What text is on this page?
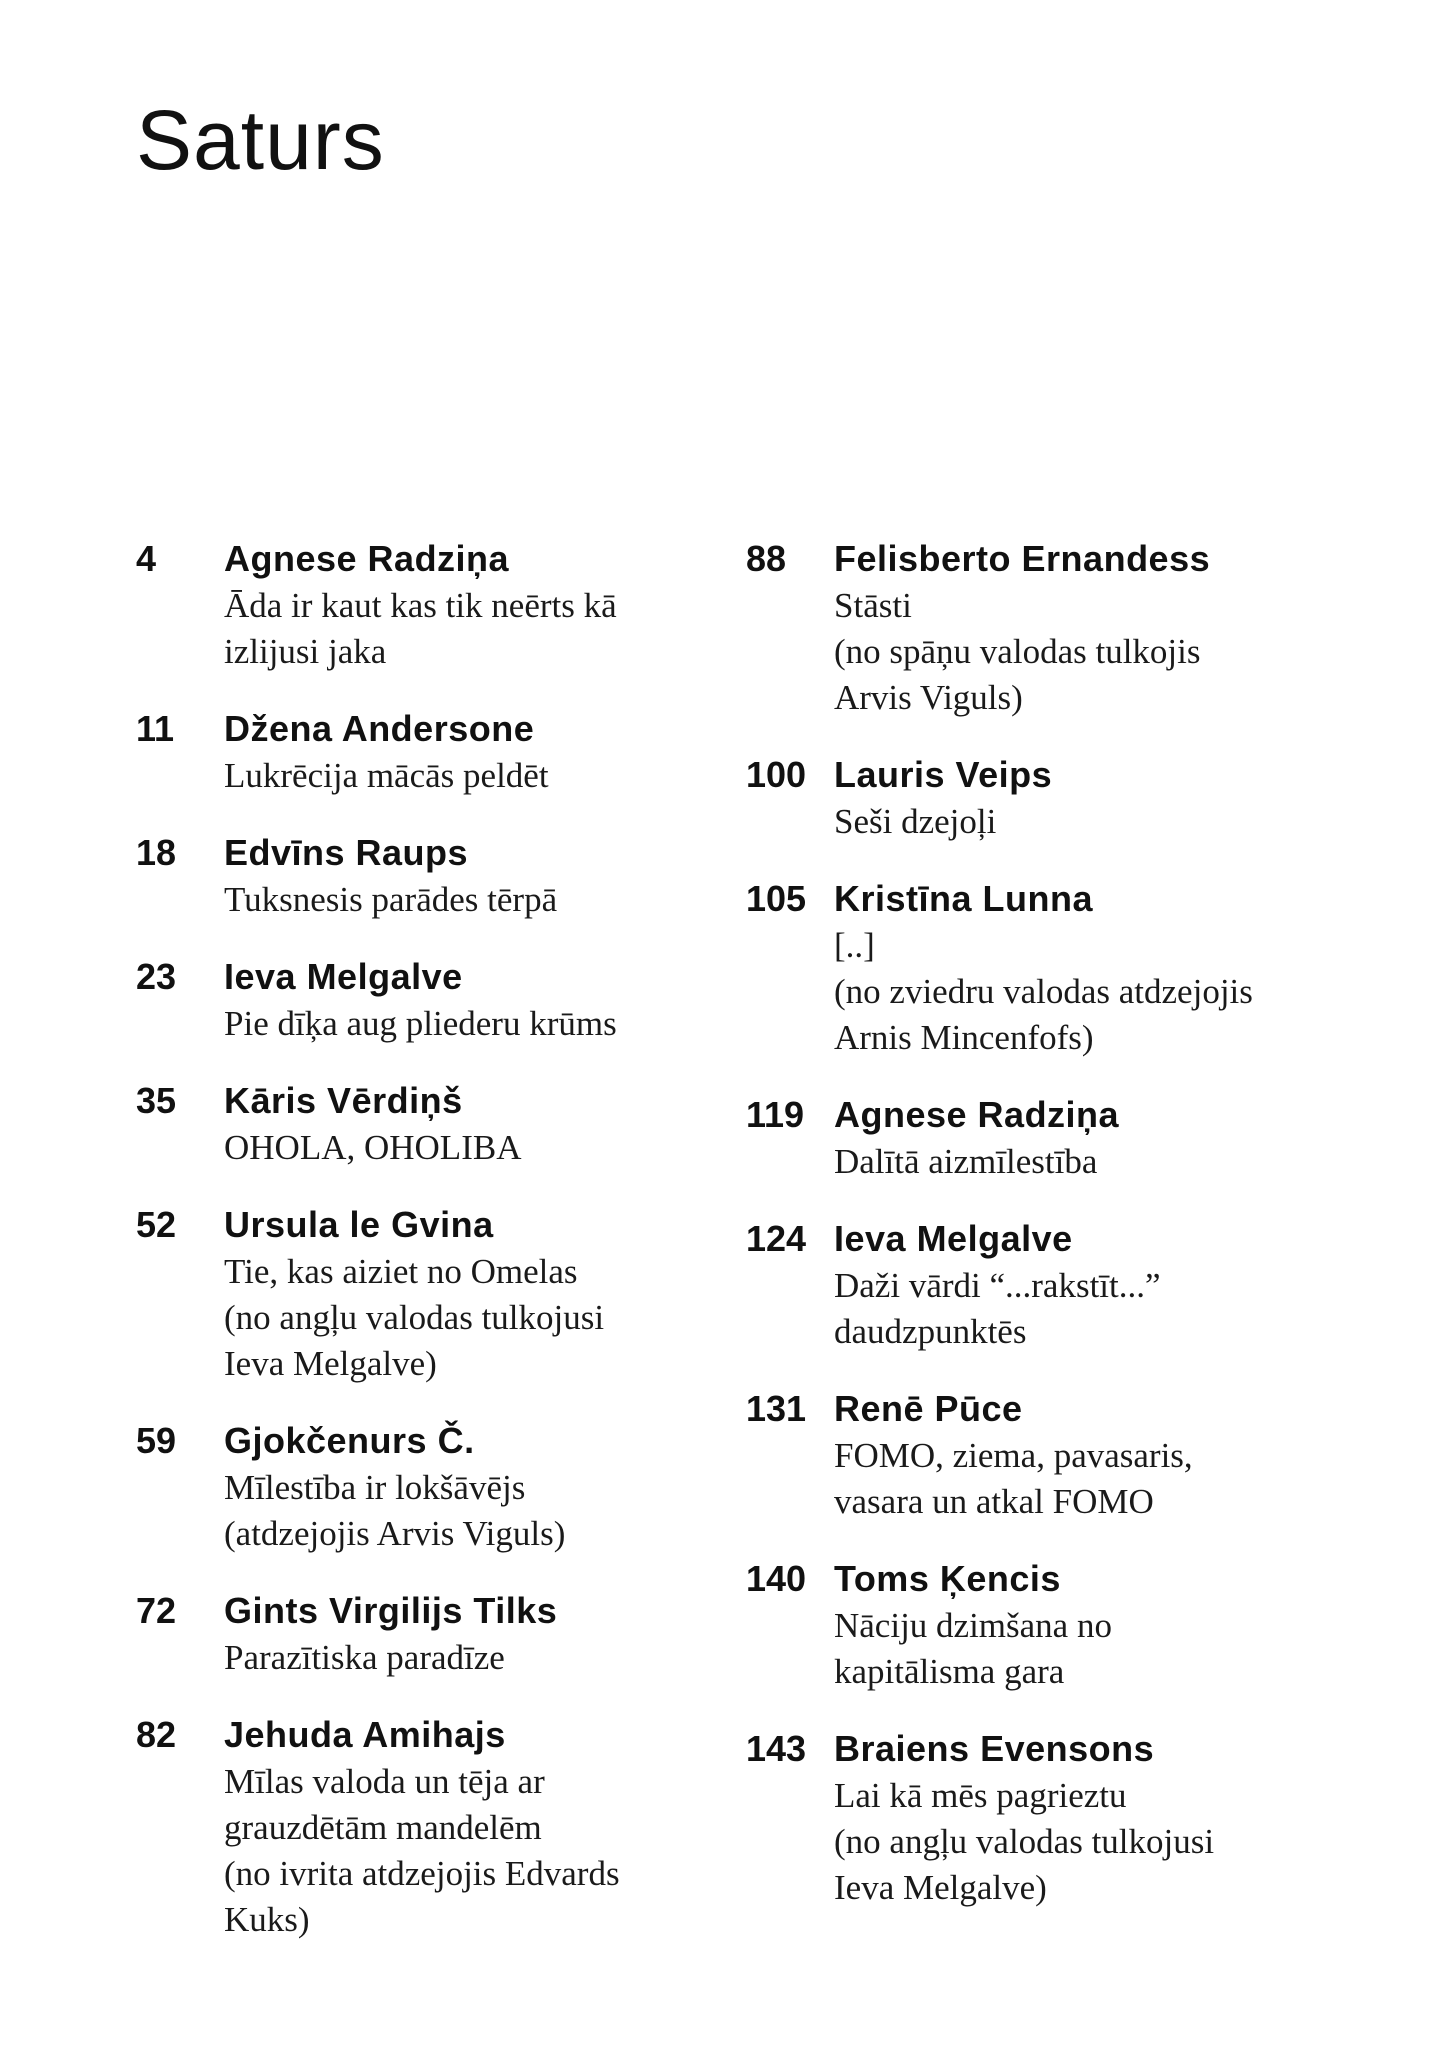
Saturs
4	Agnese Radziņa
Āda ir kaut kas tik neērts kā
izlijusi jaka
11	Džena Andersone
Lukrēcija mācās peldēt
18	Edvīns Raups
Tuksnesis parādes tērpā
23	Ieva Melgalve
Pie dīķa aug pliederu krūms
35	Kāris Vērdiņš
OHOLA, OHOLIBA
52	Ursula le Gvina
Tie, kas aiziet no Omelas
(no angļu valodas tulkojusi
Ieva Melgalve)
59	Gjokčenurs Č.
Mīlestība ir lokšāvējs
(atdzejojis Arvis Viguls)
72	Gints Virgilijs Tilks
Parazītiska paradīze
82	Jehuda Amihajs
Mīlas valoda un tēja ar
grauzdētām mandelēm
(no ivrita atdzejojis Edvards
Kuks)
88	Felisberto Ernandess
Stāsti
(no spāņu valodas tulkojis
Arvis Viguls)
100 Lauris Veips
Seši dzejoļi
105 Kristīna Lunna
[..]
(no zviedru valodas atdzejojis
Arnis Mincenfofs)
119 Agnese Radziņa
Dalītā aizmīlestība
124 Ieva Melgalve
Daži vārdi “...rakstīt...”
daudzpunktēs
131 Renē Pūce
FOMO, ziema, pavasaris,
vasara un atkal FOMO
140 Toms Ķencis
Nāciju dzimšana no
kapitālisma gara
143 Braiens Evensons
Lai kā mēs pagrieztu
(no angļu valodas tulkojusi
Ieva Melgalve)
